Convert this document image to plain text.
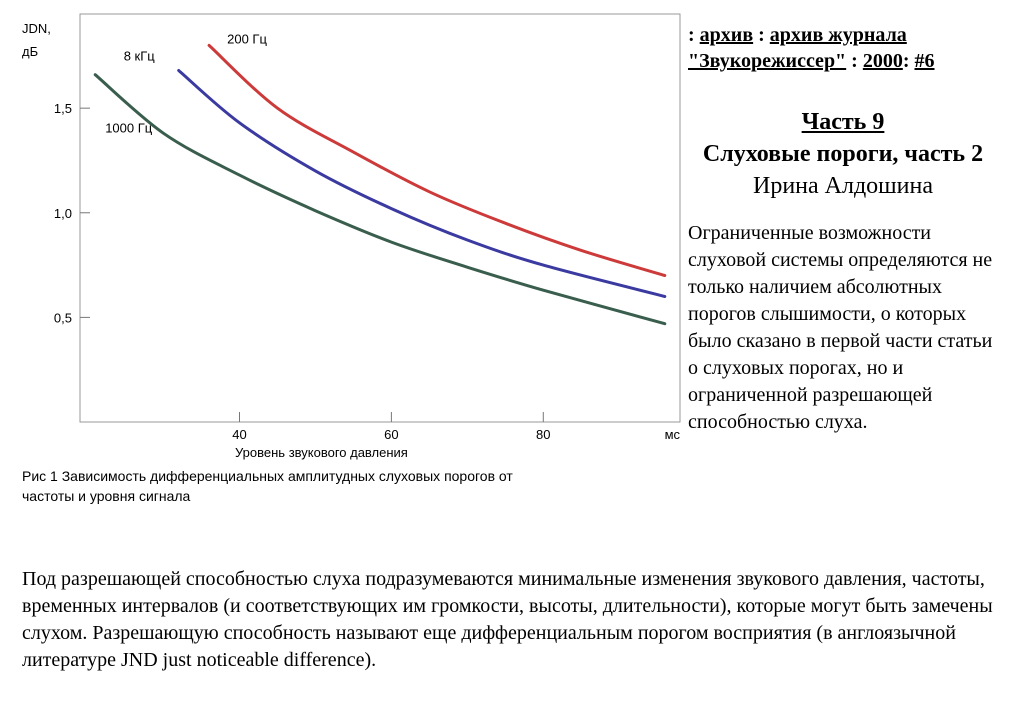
0,5
1,0
1,5
40	60	80
JDN,
дБ
мс
Уровень звукового давления
200 Гц
8 кГц
1000 Гц
Рис 1 Зависимость дифференциальных амплитудных слуховых порогов от
частоты и уровня сигнала

: архив : архив журнала "Звукорежиссер" : 2000: #6

Часть 9
Слуховые пороги, часть 2
Ирина Алдошина
Ограниченные возможности слуховой системы определяются не только наличием абсолютных порогов слышимости, о которых было сказано в первой части статьи о слуховых порогах, но и ограниченной разрешающей способностью слуха.
Под разрешающей способностью слуха подразумеваются минимальные изменения звукового давления, частоты, временных интервалов (и соответствующих им громкости, высоты, длительности), которые могут быть замечены слухом. Разрешающую способность называют еще дифференциальным порогом восприятия (в англоязычной литературе JND just noticeable difference).
